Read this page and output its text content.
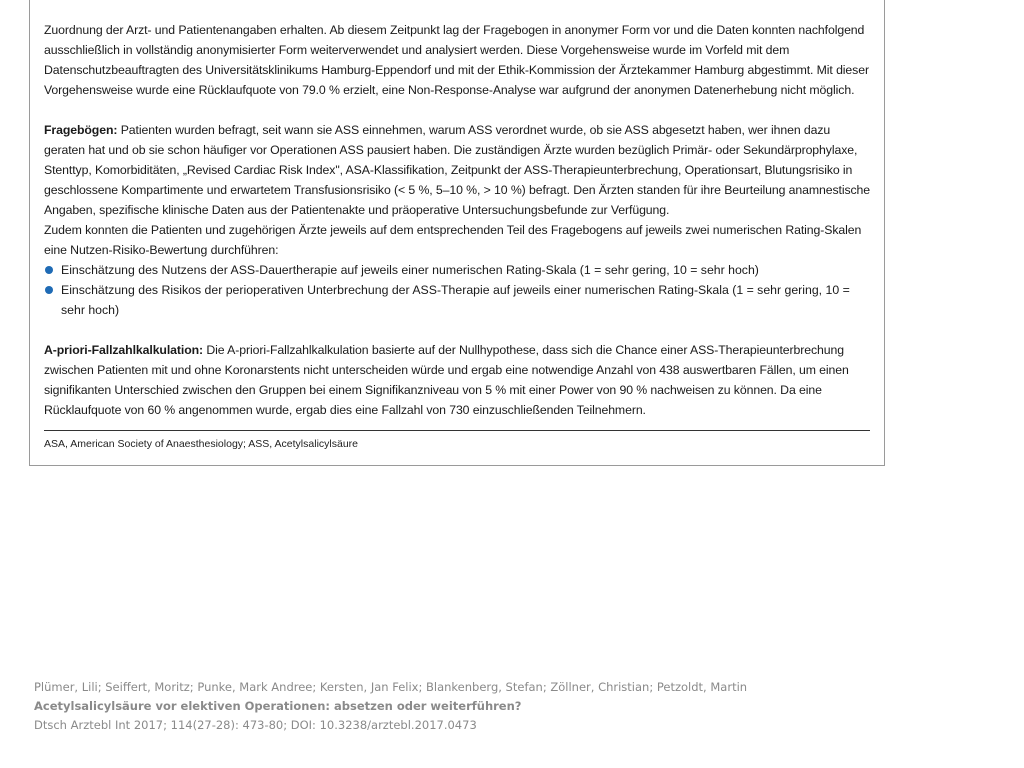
Zuordnung der Arzt- und Patientenangaben erhalten. Ab diesem Zeitpunkt lag der Fragebogen in anonymer Form vor und die Daten konnten nachfolgend ausschließlich in vollständig anonymisierter Form weiterverwendet und analysiert werden. Diese Vorgehensweise wurde im Vorfeld mit dem Datenschutzbeauftragten des Universitätsklinikums Hamburg-Eppendorf und mit der Ethik-Kommission der Ärztekammer Hamburg abgestimmt. Mit dieser Vorgehensweise wurde eine Rücklaufquote von 79.0 % erzielt, eine Non-Response-Analyse war aufgrund der anonymen Datenerhebung nicht möglich.

Fragebögen: Patienten wurden befragt, seit wann sie ASS einnehmen, warum ASS verordnet wurde, ob sie ASS abgesetzt haben, wer ihnen dazu geraten hat und ob sie schon häufiger vor Operationen ASS pausiert haben. Die zuständigen Ärzte wurden bezüglich Primär- oder Sekundärprophylaxe, Stenttyp, Komorbiditäten, „Revised Cardiac Risk Index", ASA-Klassifikation, Zeitpunkt der ASS-Therapieunterbrechung, Operationsart, Blutungsrisiko in geschlossene Kompartimente und erwartetem Transfusionsrisiko (< 5 %, 5–10 %, > 10 %) befragt. Den Ärzten standen für ihre Beurteilung anamnestische Angaben, spezifische klinische Daten aus der Patientenakte und präoperative Untersuchungsbefunde zur Verfügung.

Zudem konnten die Patienten und zugehörigen Ärzte jeweils auf dem entsprechenden Teil des Fragebogens auf jeweils zwei numerischen Rating-Skalen eine Nutzen-Risiko-Bewertung durchführen:

Einschätzung des Nutzens der ASS-Dauertherapie auf jeweils einer numerischen Rating-Skala (1 = sehr gering, 10 = sehr hoch)
Einschätzung des Risikos der perioperativen Unterbrechung der ASS-Therapie auf jeweils einer numerischen Rating-Skala (1 = sehr gering, 10 = sehr hoch)

A-priori-Fallzahlkalkulation: Die A-priori-Fallzahlkalkulation basierte auf der Nullhypothese, dass sich die Chance einer ASS-Therapieunterbrechung zwischen Patienten mit und ohne Koronarstents nicht unterscheiden würde und ergab eine notwendige Anzahl von 438 auswertbaren Fällen, um einen signifikanten Unterschied zwischen den Gruppen bei einem Signifikanzniveau von 5 % mit einer Power von 90 % nachweisen zu können. Da eine Rücklaufquote von 60 % angenommen wurde, ergab dies eine Fallzahl von 730 einzuschließenden Teilnehmern.

ASA, American Society of Anaesthesiology; ASS, Acetylsalicylsäure
Plümer, Lili; Seiffert, Moritz; Punke, Mark Andree; Kersten, Jan Felix; Blankenberg, Stefan; Zöllner, Christian; Petzoldt, Martin
Acetylsalicylsäure vor elektiven Operationen: absetzen oder weiterführen?
Dtsch Arztebl Int 2017; 114(27-28): 473-80; DOI: 10.3238/arztebl.2017.0473
